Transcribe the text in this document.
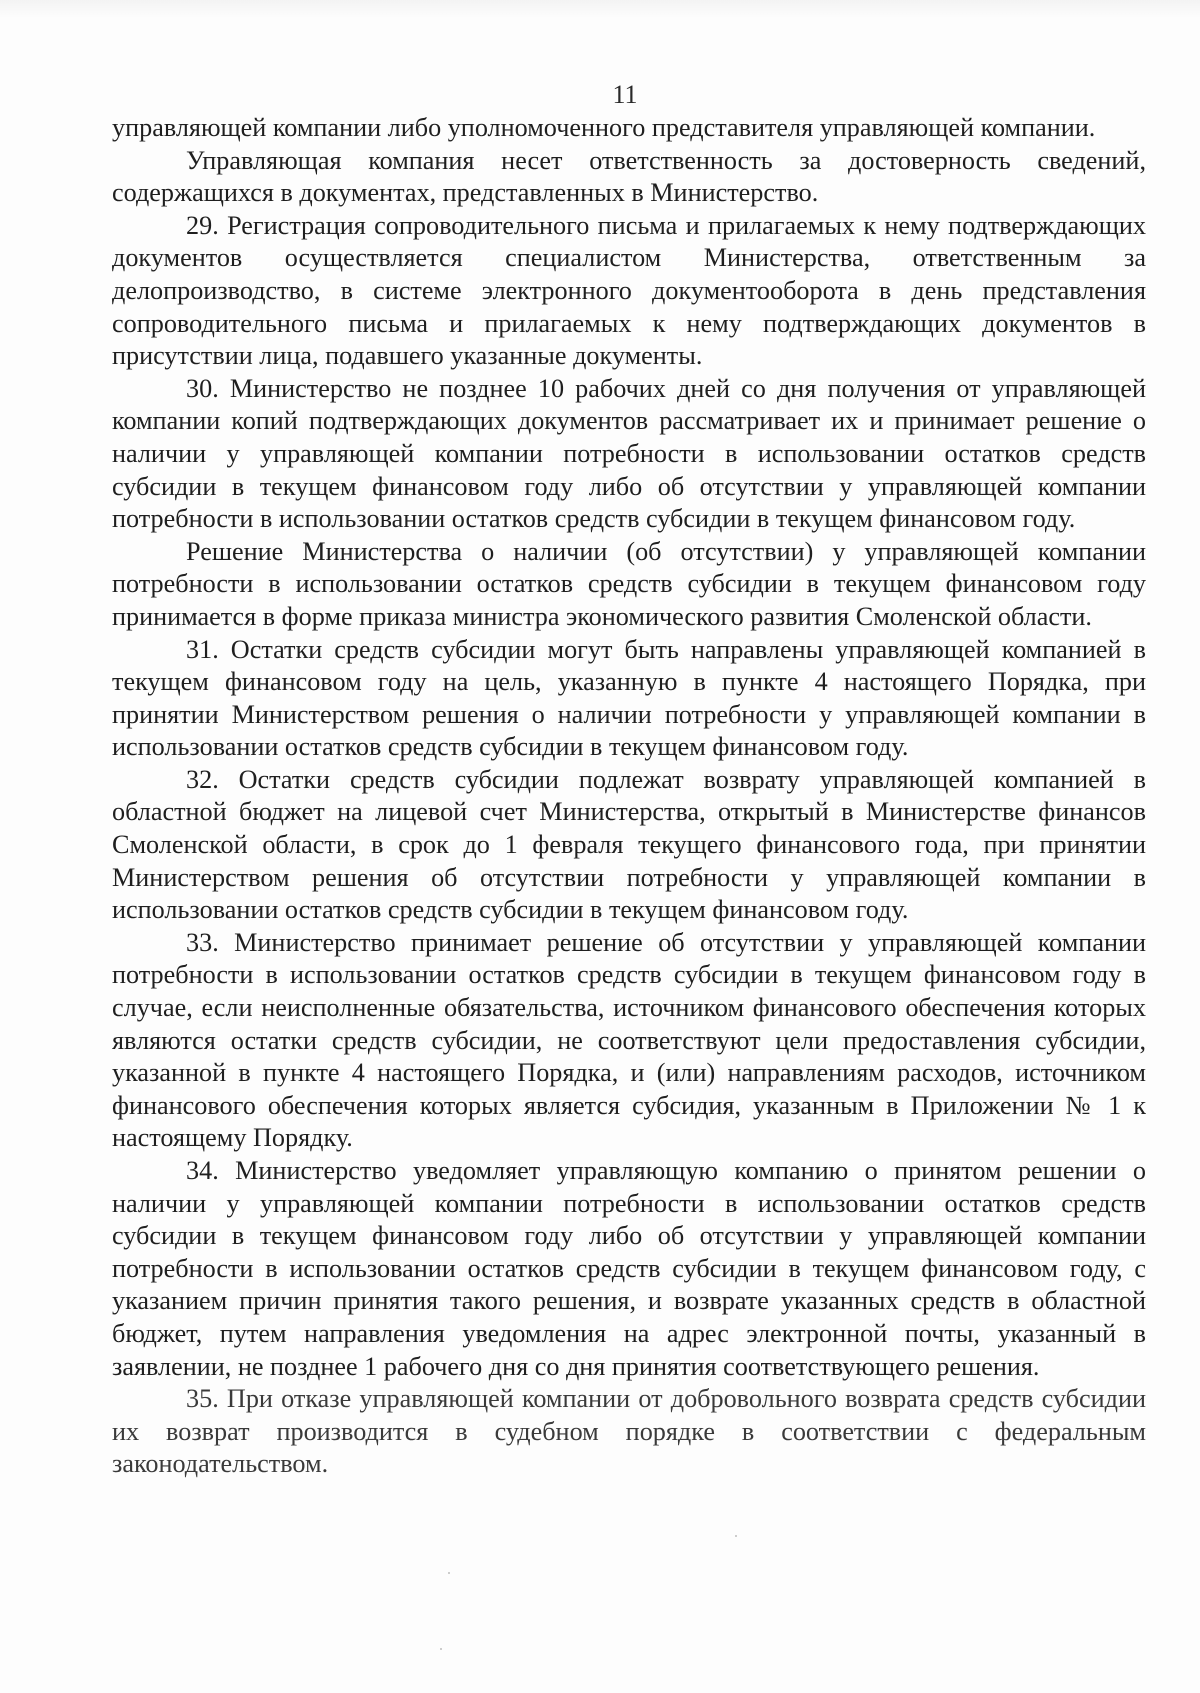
11

управляющей компании либо уполномоченного представителя управляющей компании.

Управляющая компания несет ответственность за достоверность сведений, содержащихся в документах, представленных в Министерство.

29. Регистрация сопроводительного письма и прилагаемых к нему подтверждающих документов осуществляется специалистом Министерства, ответственным за делопроизводство, в системе электронного документооборота в день представления сопроводительного письма и прилагаемых к нему подтверждающих документов в присутствии лица, подавшего указанные документы.

30. Министерство не позднее 10 рабочих дней со дня получения от управляющей компании копий подтверждающих документов рассматривает их и принимает решение о наличии у управляющей компании потребности в использовании остатков средств субсидии в текущем финансовом году либо об отсутствии у управляющей компании потребности в использовании остатков средств субсидии в текущем финансовом году.

Решение Министерства о наличии (об отсутствии) у управляющей компании потребности в использовании остатков средств субсидии в текущем финансовом году принимается в форме приказа министра экономического развития Смоленской области.

31. Остатки средств субсидии могут быть направлены управляющей компанией в текущем финансовом году на цель, указанную в пункте 4 настоящего Порядка, при принятии Министерством решения о наличии потребности у управляющей компании в использовании остатков средств субсидии в текущем финансовом году.

32. Остатки средств субсидии подлежат возврату управляющей компанией в областной бюджет на лицевой счет Министерства, открытый в Министерстве финансов Смоленской области, в срок до 1 февраля текущего финансового года, при принятии Министерством решения об отсутствии потребности у управляющей компании в использовании остатков средств субсидии в текущем финансовом году.

33. Министерство принимает решение об отсутствии у управляющей компании потребности в использовании остатков средств субсидии в текущем финансовом году в случае, если неисполненные обязательства, источником финансового обеспечения которых являются остатки средств субсидии, не соответствуют цели предоставления субсидии, указанной в пункте 4 настоящего Порядка, и (или) направлениям расходов, источником финансового обеспечения которых является субсидия, указанным в Приложении № 1 к настоящему Порядку.

34. Министерство уведомляет управляющую компанию о принятом решении о наличии у управляющей компании потребности в использовании остатков средств субсидии в текущем финансовом году либо об отсутствии у управляющей компании потребности в использовании остатков средств субсидии в текущем финансовом году, с указанием причин принятия такого решения, и возврате указанных средств в областной бюджет, путем направления уведомления на адрес электронной почты, указанный в заявлении, не позднее 1 рабочего дня со дня принятия соответствующего решения.

35. При отказе управляющей компании от добровольного возврата средств субсидии их возврат производится в судебном порядке в соответствии с федеральным законодательством.
